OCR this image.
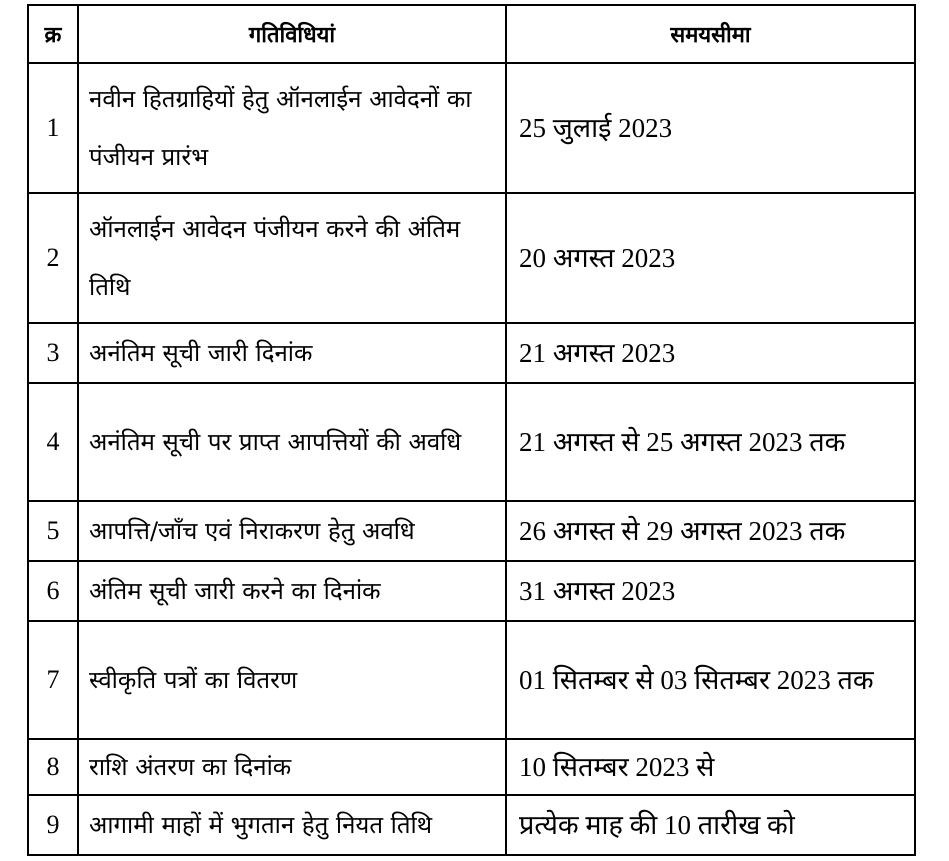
क्र	गतिविधियां	समयसीमा
1	नवीन हितग्राहियों हेतु ऑनलाईन आवेदनों का पंजीयन प्रारंभ	25 जुलाई 2023
2	ऑनलाईन आवेदन पंजीयन करने की अंतिम तिथि	20 अगस्त 2023
3	अनंतिम सूची जारी दिनांक	21 अगस्त 2023
4	अनंतिम सूची पर प्राप्त आपत्तियों की अवधि	21 अगस्त से 25 अगस्त 2023 तक
5	आपत्ति/जाँच एवं निराकरण हेतु अवधि	26 अगस्त से 29 अगस्त 2023 तक
6	अंतिम सूची जारी करने का दिनांक	31 अगस्त 2023
7	स्वीकृति पत्रों का वितरण	01 सितम्बर से 03 सितम्बर 2023 तक
8	राशि अंतरण का दिनांक	10 सितम्बर 2023 से
9	आगामी माहों में भुगतान हेतु नियत तिथि	प्रत्येक माह की 10 तारीख को
